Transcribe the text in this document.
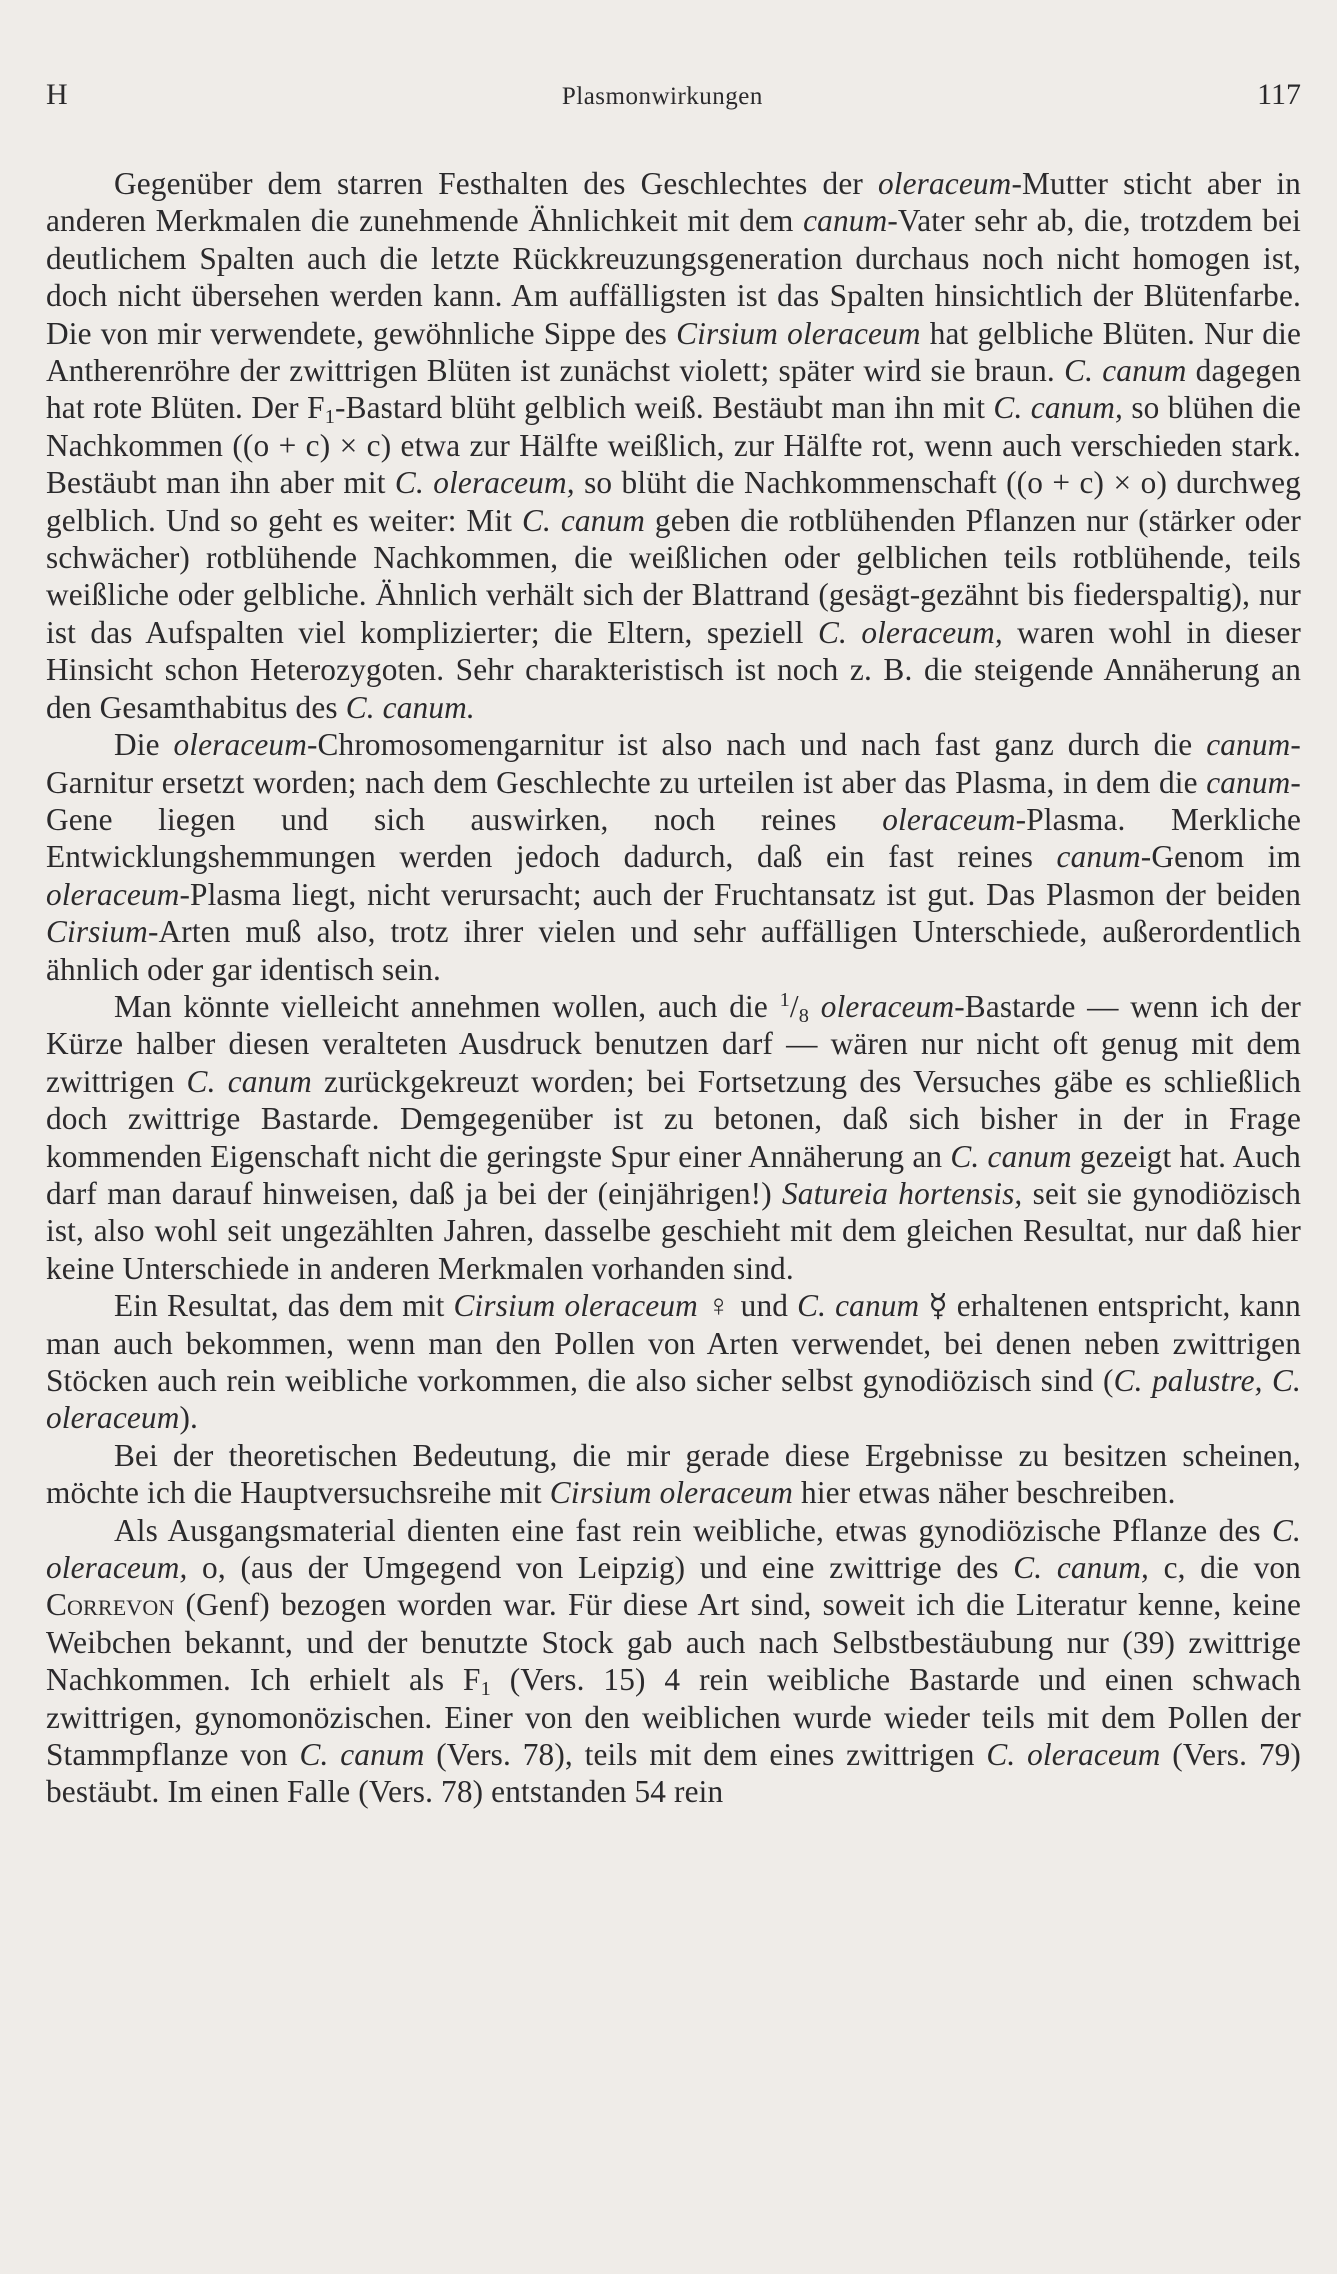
H	Plasmonwirkungen	117

Gegenüber dem starren Festhalten des Geschlechtes der oleraceum-Mutter sticht aber in anderen Merkmalen die zunehmende Ähnlichkeit mit dem canum-Vater sehr ab, die, trotzdem bei deutlichem Spalten auch die letzte Rückkreuzungsgeneration durchaus noch nicht homogen ist, doch nicht übersehen werden kann. Am auffälligsten ist das Spalten hinsichtlich der Blütenfarbe. Die von mir verwendete, gewöhnliche Sippe des Cirsium oleraceum hat gelbliche Blüten. Nur die Antherenröhre der zwittrigen Blüten ist zunächst violett; später wird sie braun. C. canum dagegen hat rote Blüten. Der $F_1$-Bastard blüht gelblich weiß. Bestäubt man ihn mit C. canum, so blühen die Nachkommen ((o + c) × c) etwa zur Hälfte weißlich, zur Hälfte rot, wenn auch verschieden stark. Bestäubt man ihn aber mit C. oleraceum, so blüht die Nachkommenschaft ((o + c) × o) durchweg gelblich. Und so geht es weiter: Mit C. canum geben die rotblühenden Pflanzen nur (stärker oder schwächer) rotblühende Nachkommen, die weißlichen oder gelblichen teils rotblühende, teils weißliche oder gelbliche. Ähnlich verhält sich der Blattrand (gesägt-gezähnt bis fiederspaltig), nur ist das Aufspalten viel komplizierter; die Eltern, speziell C. oleraceum, waren wohl in dieser Hinsicht schon Heterozygoten. Sehr charakteristisch ist noch z. B. die steigende Annäherung an den Gesamthabitus des C. canum.

Die oleraceum-Chromosomengarnitur ist also nach und nach fast ganz durch die canum-Garnitur ersetzt worden; nach dem Geschlechte zu urteilen ist aber das Plasma, in dem die canum-Gene liegen und sich auswirken, noch reines oleraceum-Plasma. Merkliche Entwicklungshemmungen werden jedoch dadurch, daß ein fast reines canum-Genom im oleraceum-Plasma liegt, nicht verursacht; auch der Fruchtansatz ist gut. Das Plasmon der beiden Cirsium-Arten muß also, trotz ihrer vielen und sehr auffälligen Unterschiede, außerordentlich ähnlich oder gar identisch sein.

Man könnte vielleicht annehmen wollen, auch die $^1/_8$ oleraceum-Bastarde — wenn ich der Kürze halber diesen veralteten Ausdruck benutzen darf — wären nur nicht oft genug mit dem zwittrigen C. canum zurückgekreuzt worden; bei Fortsetzung des Versuches gäbe es schließlich doch zwittrige Bastarde. Demgegenüber ist zu betonen, daß sich bisher in der in Frage kommenden Eigenschaft nicht die geringste Spur einer Annäherung an C. canum gezeigt hat. Auch darf man darauf hinweisen, daß ja bei der (einjährigen!) Satureia hortensis, seit sie gynodiözisch ist, also wohl seit ungezählten Jahren, dasselbe geschieht mit dem gleichen Resultat, nur daß hier keine Unterschiede in anderen Merkmalen vorhanden sind.

Ein Resultat, das dem mit Cirsium oleraceum ♀ und C. canum ☿ erhaltenen entspricht, kann man auch bekommen, wenn man den Pollen von Arten verwendet, bei denen neben zwittrigen Stöcken auch rein weibliche vorkommen, die also sicher selbst gynodiözisch sind (C. palustre, C. oleraceum).

Bei der theoretischen Bedeutung, die mir gerade diese Ergebnisse zu besitzen scheinen, möchte ich die Hauptversuchsreihe mit Cirsium oleraceum hier etwas näher beschreiben.

Als Ausgangsmaterial dienten eine fast rein weibliche, etwas gynodiözische Pflanze des C. oleraceum, o, (aus der Umgegend von Leipzig) und eine zwittrige des C. canum, c, die von Correvon (Genf) bezogen worden war. Für diese Art sind, soweit ich die Literatur kenne, keine Weibchen bekannt, und der benutzte Stock gab auch nach Selbstbestäubung nur (39) zwittrige Nachkommen. Ich erhielt als $F_1$ (Vers. 15) 4 rein weibliche Bastarde und einen schwach zwittrigen, gynomonözischen. Einer von den weiblichen wurde wieder teils mit dem Pollen der Stammpflanze von C. canum (Vers. 78), teils mit dem eines zwittrigen C. oleraceum (Vers. 79) bestäubt. Im einen Falle (Vers. 78) entstanden 54 rein
